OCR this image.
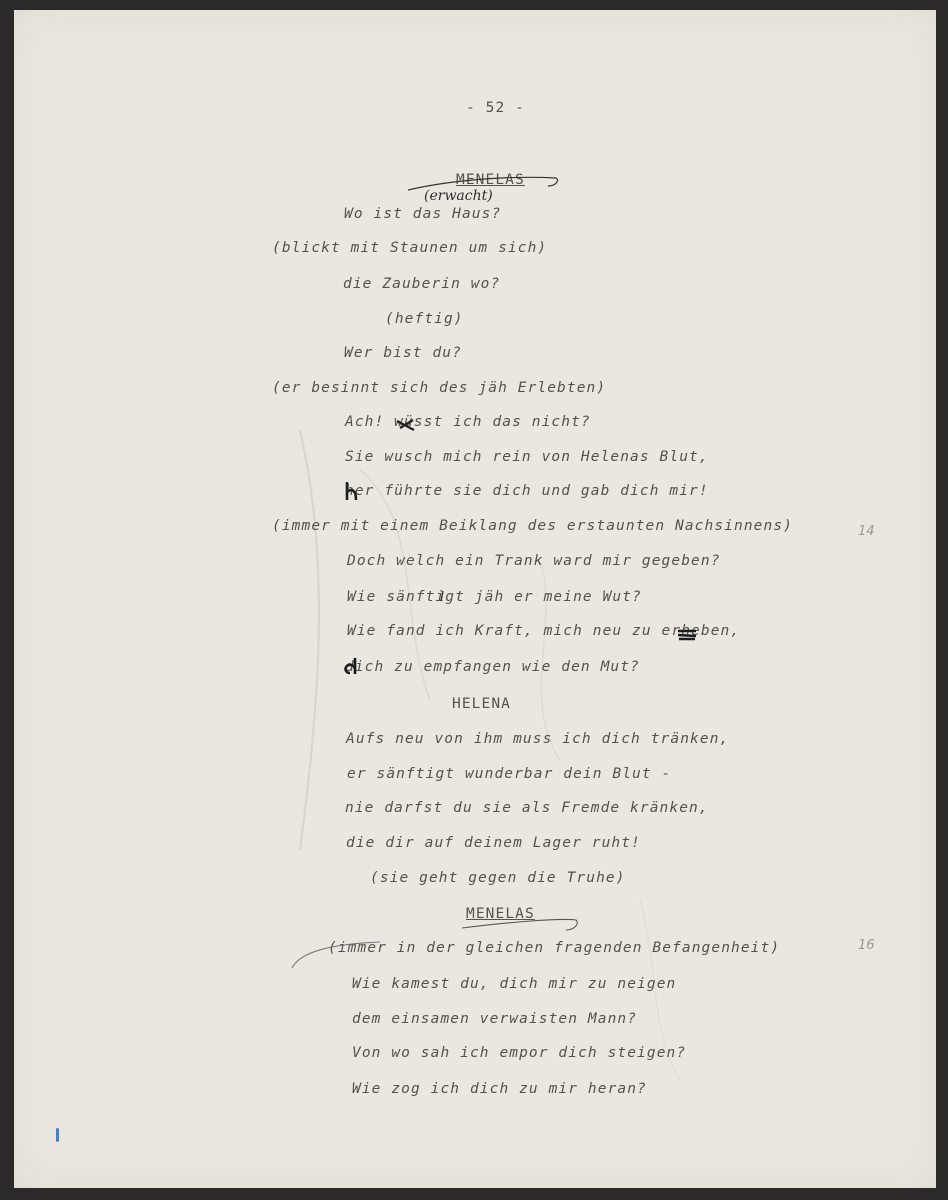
- 52 -
MENELAS
(erwacht)
Wo ist das Haus?
(blickt mit Staunen um sich)
die Zauberin wo?
(heftig)
Wer bist du?
(er besinnt sich des jäh Erlebten)
Ach! wüsst ich das nicht?
Sie wusch mich rein von Helenas Blut,
her führte sie dich und gab dich mir!
(immer mit einem Beiklang des erstaunten Nachsinnens)	14
Doch welch ein Trank ward mir gegeben?
Wie sänftigt jäh er meine Wut?
Wie fand ich Kraft, mich neu zu erheben,
dich zu empfangen wie den Mut?
HELENA
Aufs neu von ihm muss ich dich tränken,
er sänftigt wunderbar dein Blut -
nie darfst du sie als Fremde kränken,
die dir auf deinem Lager ruht!
(sie geht gegen die Truhe)
MENELAS
(immer in der gleichen fragenden Befangenheit)	16
Wie kamest du, dich mir zu neigen
dem einsamen verwaisten Mann?
Von wo sah ich empor dich steigen?
Wie zog ich dich zu mir heran?
